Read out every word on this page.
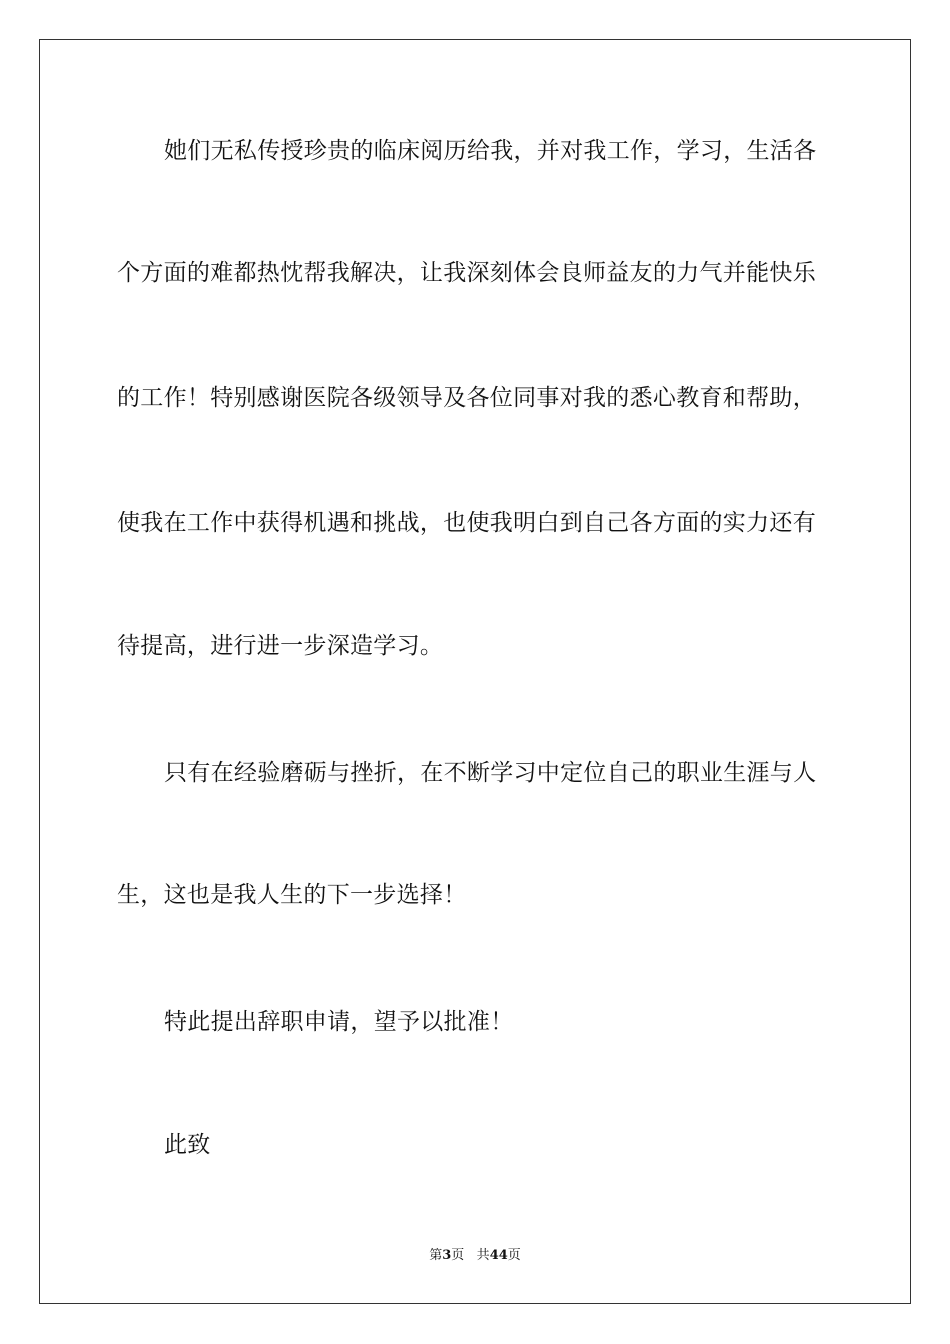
她们无私传授珍贵的临床阅历给我，并对我工作，学习，生活各
个方面的难都热忱帮我解决，让我深刻体会良师益友的力气并能快乐
的工作！特别感谢医院各级领导及各位同事对我的悉心教育和帮助，
使我在工作中获得机遇和挑战，也使我明白到自己各方面的实力还有
待提高，进行进一步深造学习。
只有在经验磨砺与挫折，在不断学习中定位自己的职业生涯与人
生，这也是我人生的下一步选择！
特此提出辞职申请，望予以批准！
此致
第3页 共44页
